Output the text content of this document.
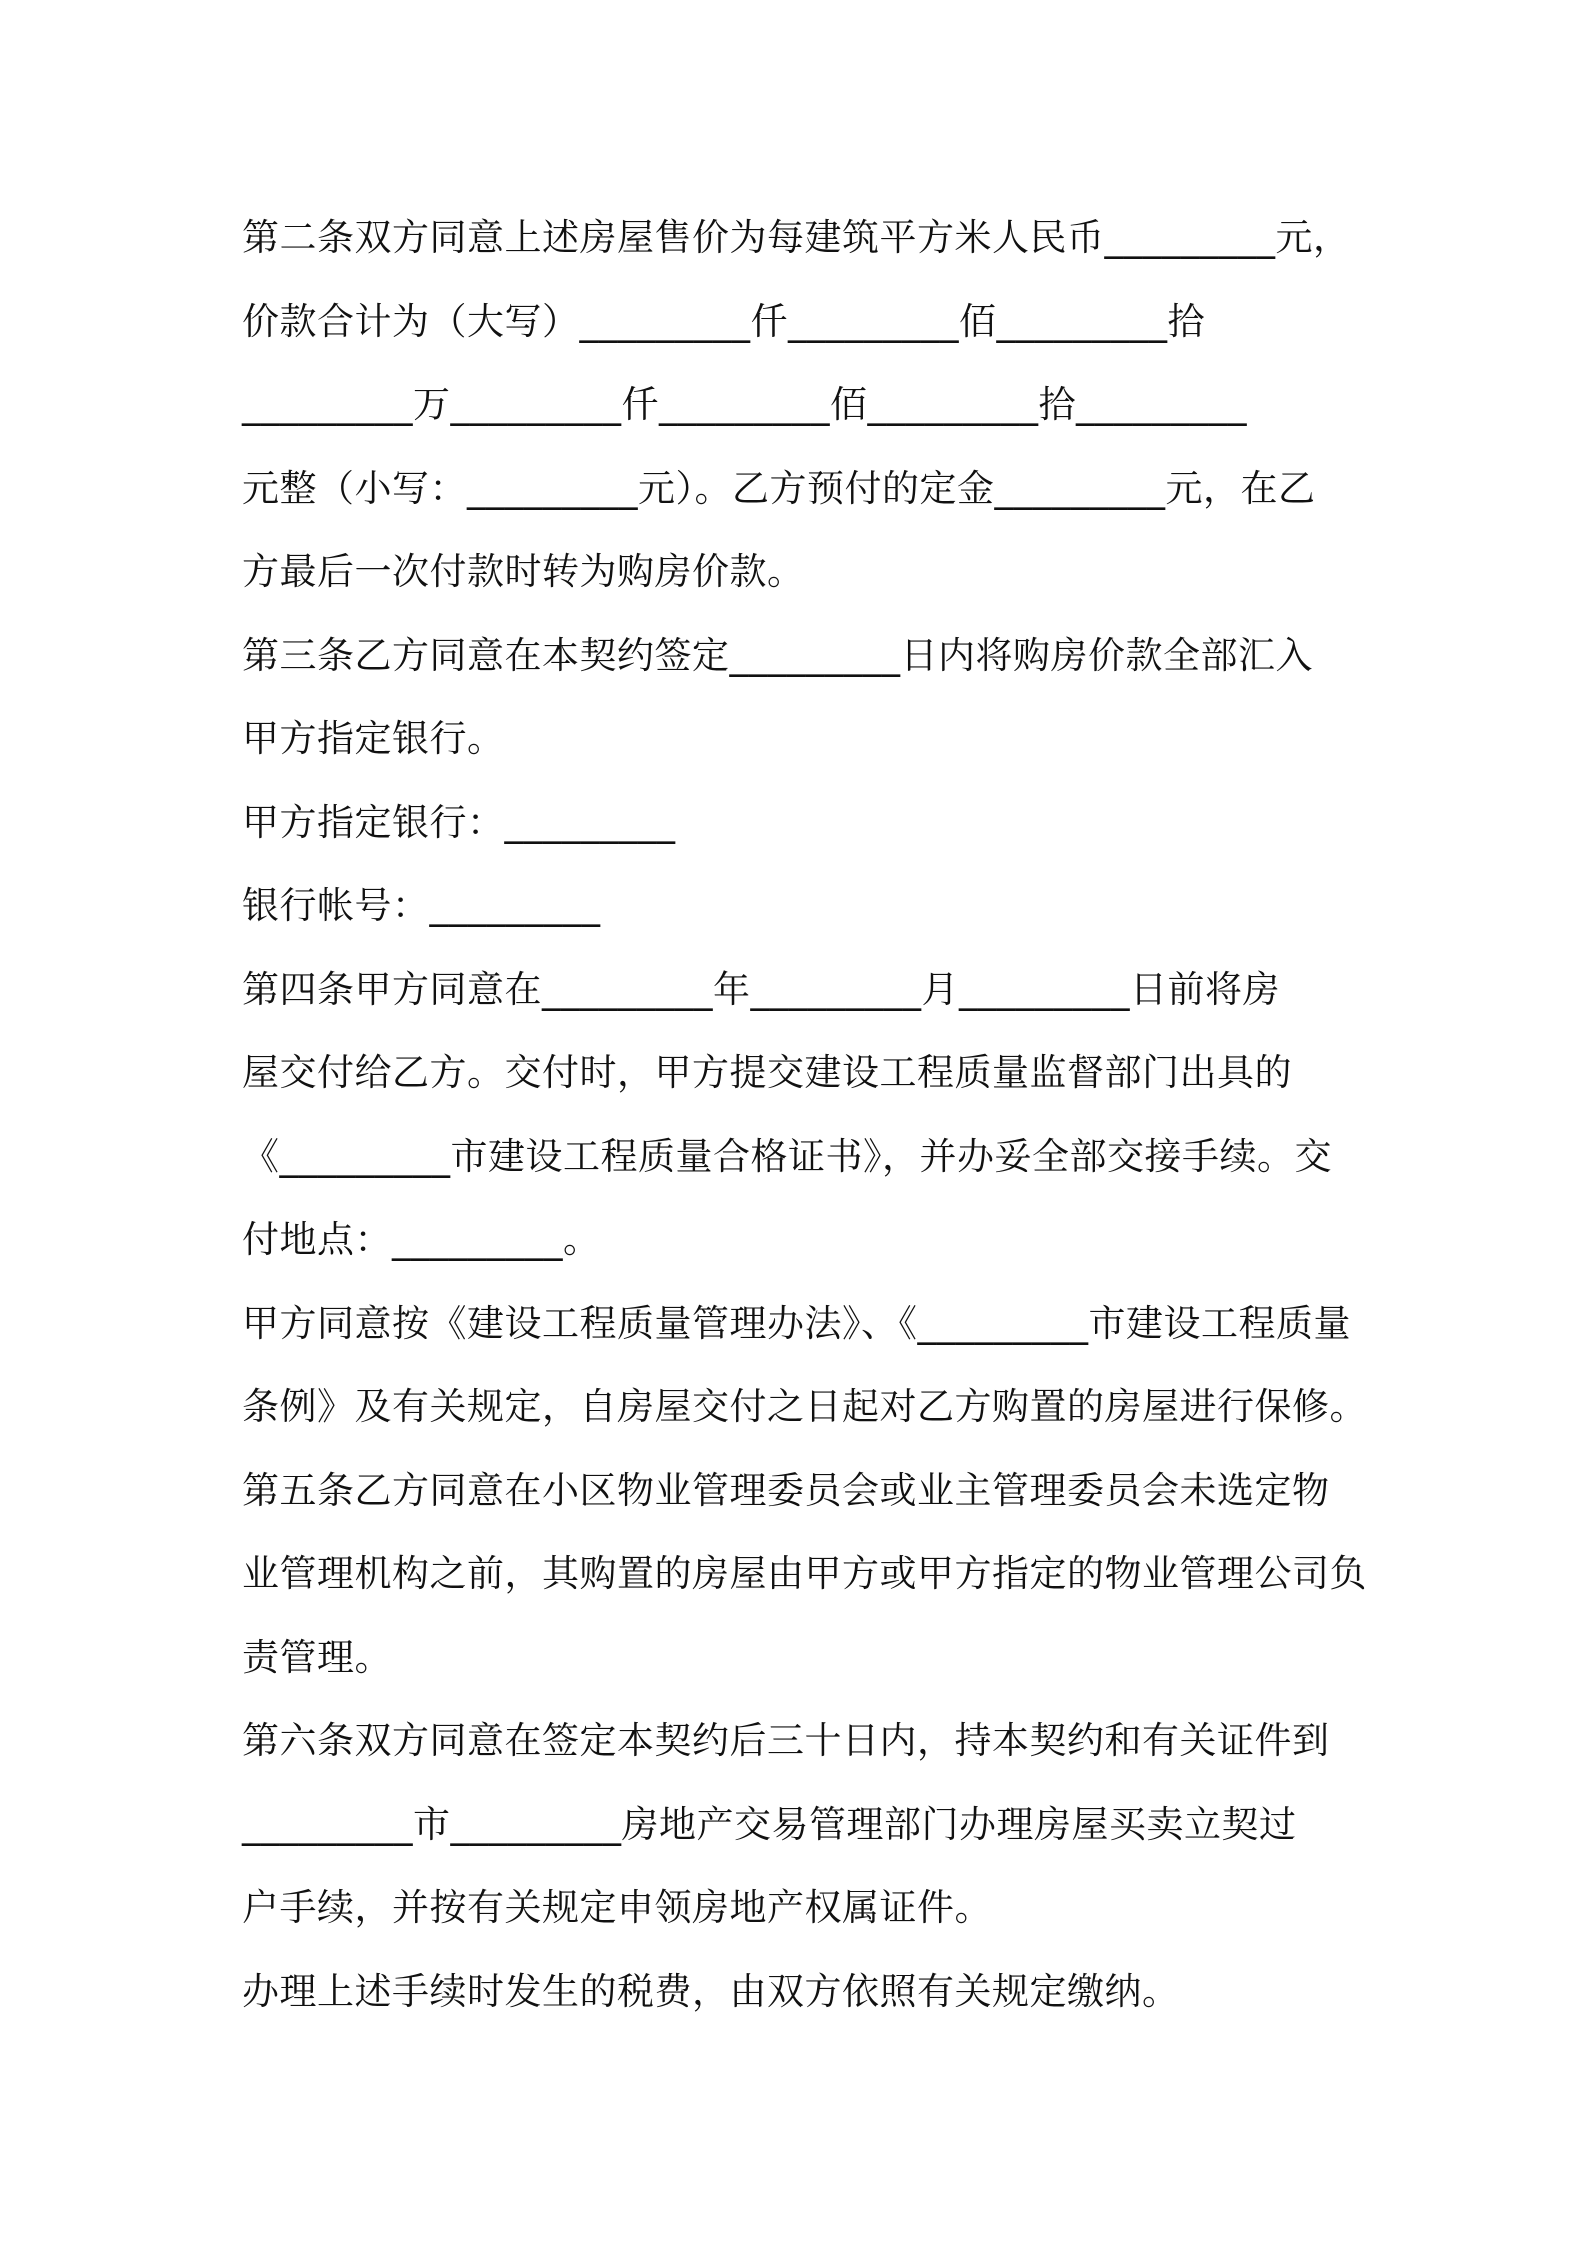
第二条双方同意上述房屋售价为每建筑平方米人民币_________元，
价款合计为（大写）_________仟_________佰_________拾
_________万_________仟_________佰_________拾_________
元整（小写：_________元）。乙方预付的定金_________元，在乙
方最后一次付款时转为购房价款。
第三条乙方同意在本契约签定_________日内将购房价款全部汇入
甲方指定银行。
甲方指定银行：_________
银行帐号：_________
第四条甲方同意在_________年_________月_________日前将房
屋交付给乙方。交付时，甲方提交建设工程质量监督部门出具的
《_________市建设工程质量合格证书》，并办妥全部交接手续。交
付地点：_________。
甲方同意按《建设工程质量管理办法》、《_________市建设工程质量
条例》及有关规定，自房屋交付之日起对乙方购置的房屋进行保修。
第五条乙方同意在小区物业管理委员会或业主管理委员会未选定物
业管理机构之前，其购置的房屋由甲方或甲方指定的物业管理公司负
责管理。
第六条双方同意在签定本契约后三十日内，持本契约和有关证件到
_________市_________房地产交易管理部门办理房屋买卖立契过
户手续，并按有关规定申领房地产权属证件。
办理上述手续时发生的税费，由双方依照有关规定缴纳。
